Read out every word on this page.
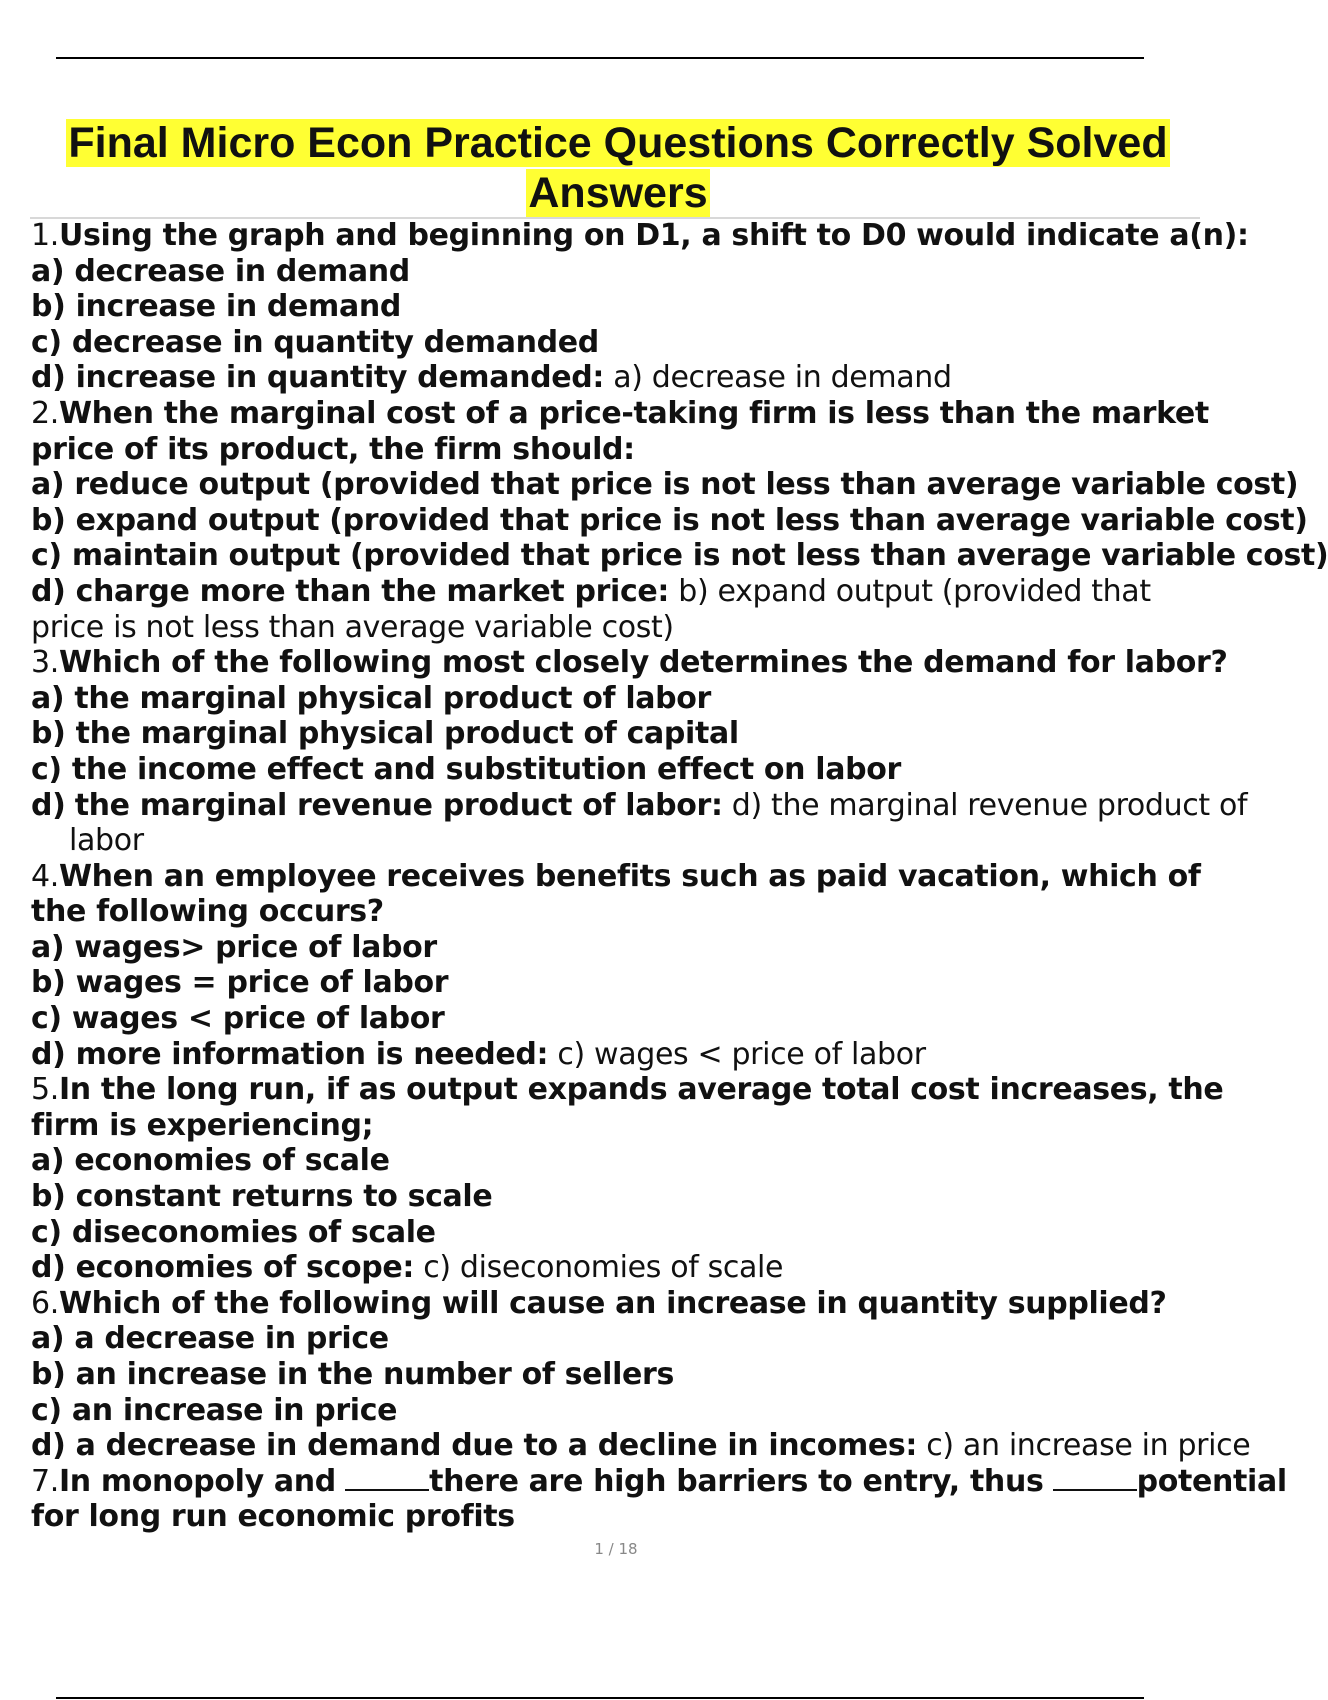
Final Micro Econ Practice Questions Correctly Solved Answers
1.Using the graph and beginning on D1, a shift to D0 would indicate a(n):
a) decrease in demand
b) increase in demand
c) decrease in quantity demanded
d) increase in quantity demanded: a) decrease in demand
2.When the marginal cost of a price-taking firm is less than the market
price of its product, the firm should:
a) reduce output (provided that price is not less than average variable cost)
b) expand output (provided that price is not less than average variable cost)
c) maintain output (provided that price is not less than average variable cost)
d) charge more than the market price: b) expand output (provided that
price is not less than average variable cost)
3.Which of the following most closely determines the demand for labor?
a) the marginal physical product of labor
b) the marginal physical product of capital
c) the income effect and substitution effect on labor
d) the marginal revenue product of labor: d) the marginal revenue product of
labor
4.When an employee receives benefits such as paid vacation, which of
the following occurs?
a) wages> price of labor
b) wages = price of labor
c) wages < price of labor
d) more information is needed: c) wages < price of labor
5.In the long run, if as output expands average total cost increases, the
firm is experiencing;
a) economies of scale
b) constant returns to scale
c) diseconomies of scale
d) economies of scope: c) diseconomies of scale
6.Which of the following will cause an increase in quantity supplied?
a) a decrease in price
b) an increase in the number of sellers
c) an increase in price
d) a decrease in demand due to a decline in incomes: c) an increase in price
7.In monopoly and	there are high barriers to entry, thus	potential
for long run economic profits
1 / 18
